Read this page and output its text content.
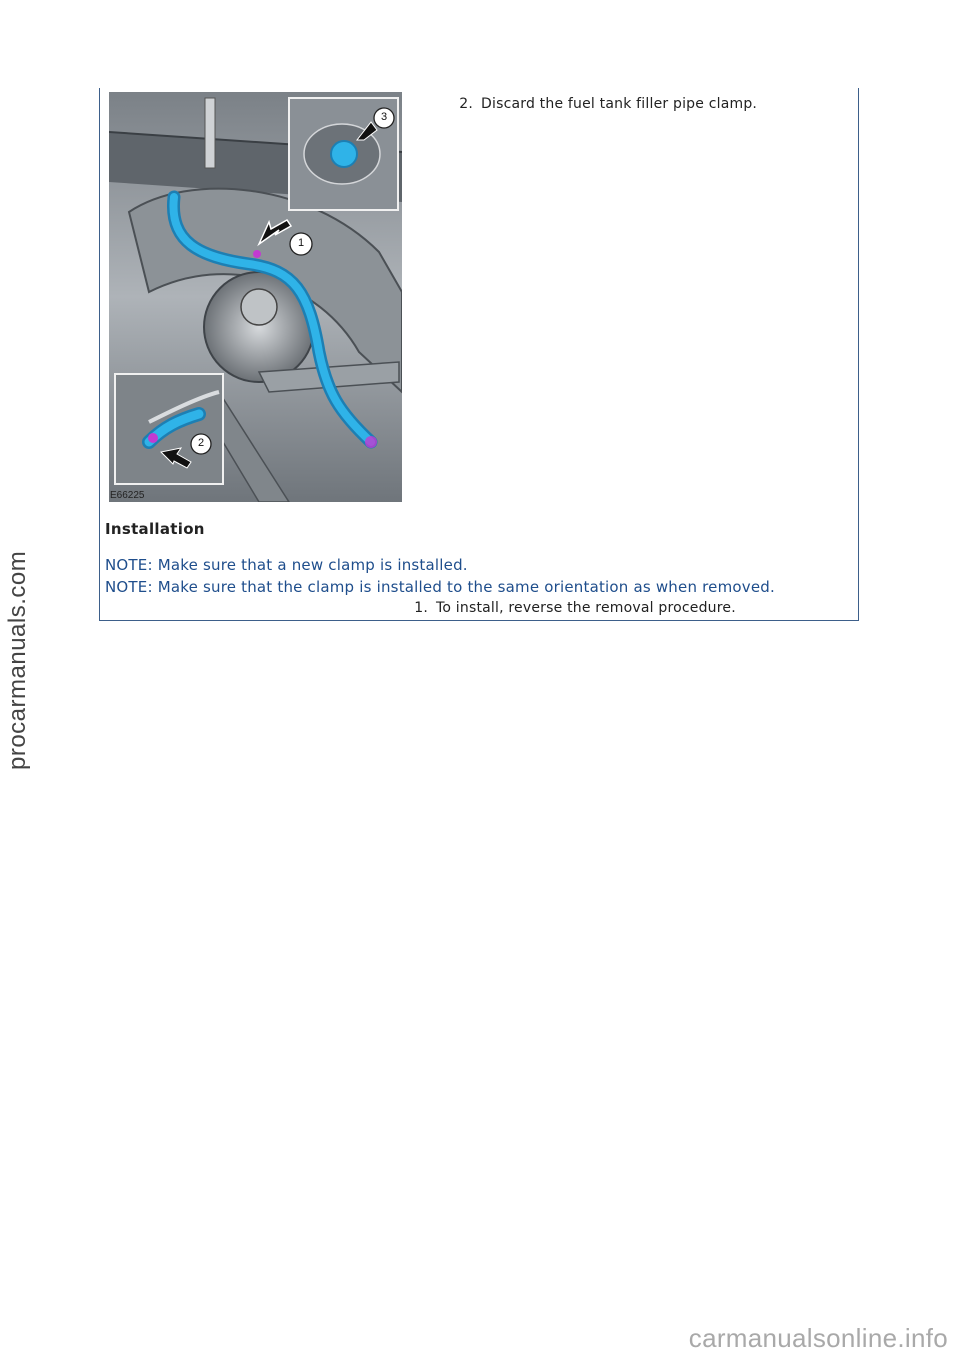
procarmanuals.com
1
3
2
E66225
2. Discard the fuel tank filler pipe clamp.
Installation
NOTE: Make sure that a new clamp is installed.
NOTE: Make sure that the clamp is installed to the same orientation as when removed.
1. To install, reverse the removal procedure.
carmanualsonline.info
